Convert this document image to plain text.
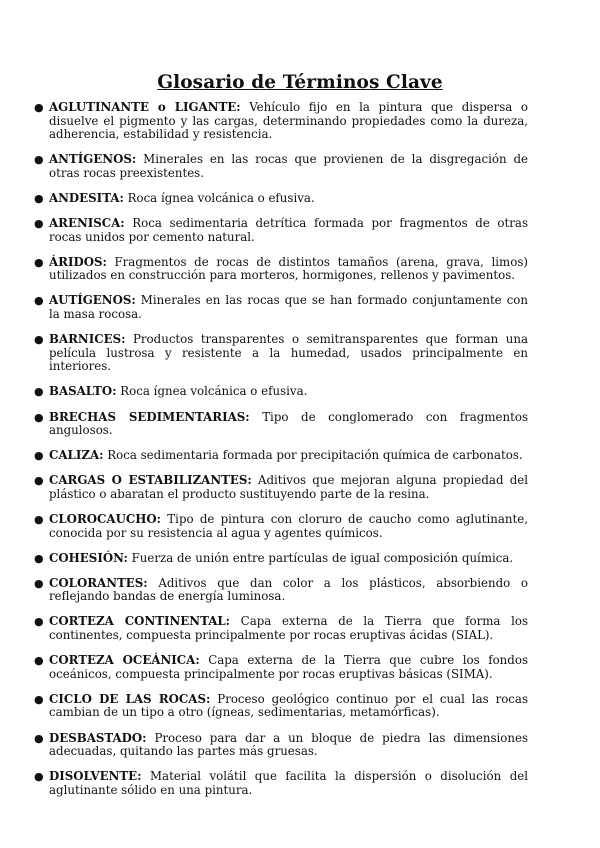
Glosario de Términos Clave
● AGLUTINANTE o LIGANTE: Vehículo fijo en la pintura que dispersa o disuelve el pigmento y las cargas, determinando propiedades como la dureza, adherencia, estabilidad y resistencia.
● ANTÍGENOS: Minerales en las rocas que provienen de la disgregación de otras rocas preexistentes.
● ANDESITA: Roca ígnea volcánica o efusiva.
● ARENISCA: Roca sedimentaria detrítica formada por fragmentos de otras rocas unidos por cemento natural.
● ÁRIDOS: Fragmentos de rocas de distintos tamaños (arena, grava, limos) utilizados en construcción para morteros, hormigones, rellenos y pavimentos.
● AUTÍGENOS: Minerales en las rocas que se han formado conjuntamente con la masa rocosa.
● BARNICES: Productos transparentes o semitransparentes que forman una película lustrosa y resistente a la humedad, usados principalmente en interiores.
● BASALTO: Roca ígnea volcánica o efusiva.
● BRECHAS SEDIMENTARIAS: Tipo de conglomerado con fragmentos angulosos.
● CALIZA: Roca sedimentaria formada por precipitación química de carbonatos.
● CARGAS O ESTABILIZANTES: Aditivos que mejoran alguna propiedad del plástico o abaratan el producto sustituyendo parte de la resina.
● CLOROCAUCHO: Tipo de pintura con cloruro de caucho como aglutinante, conocida por su resistencia al agua y agentes químicos.
● COHESIÓN: Fuerza de unión entre partículas de igual composición química.
● COLORANTES: Aditivos que dan color a los plásticos, absorbiendo o reflejando bandas de energía luminosa.
● CORTEZA CONTINENTAL: Capa externa de la Tierra que forma los continentes, compuesta principalmente por rocas eruptivas ácidas (SIAL).
● CORTEZA OCEÁNICA: Capa externa de la Tierra que cubre los fondos oceánicos, compuesta principalmente por rocas eruptivas básicas (SIMA).
● CICLO DE LAS ROCAS: Proceso geológico continuo por el cual las rocas cambian de un tipo a otro (ígneas, sedimentarias, metamórficas).
● DESBASTADO: Proceso para dar a un bloque de piedra las dimensiones adecuadas, quitando las partes más gruesas.
● DISOLVENTE: Material volátil que facilita la dispersión o disolución del aglutinante sólido en una pintura.
